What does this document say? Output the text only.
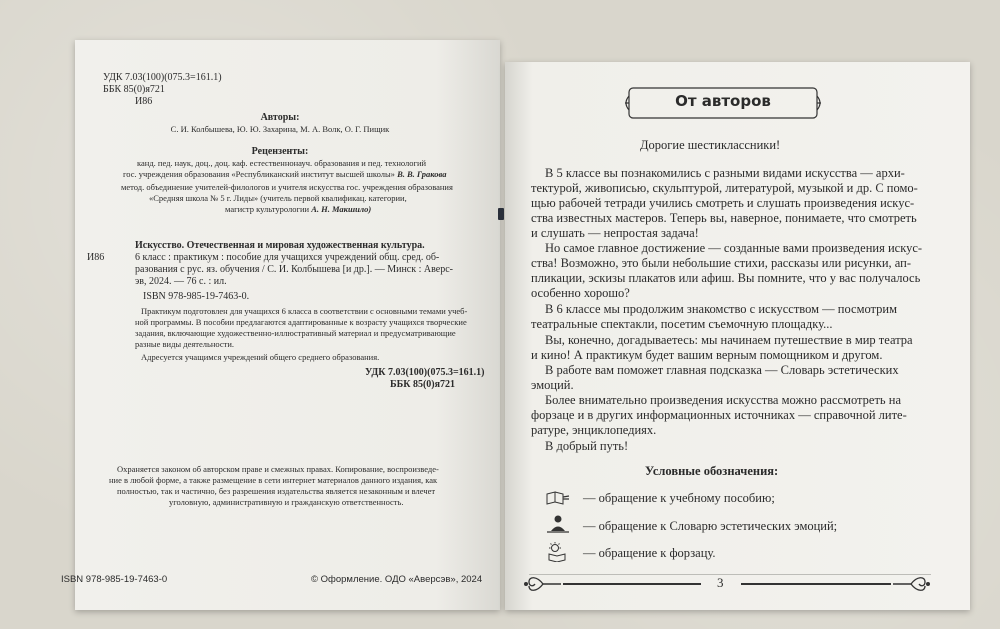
УДК 7.03(100)(075.3=161.1)
ББК 85(0)я721
И86
Авторы:
С. И. Колбышева, Ю. Ю. Захарина, М. А. Волк, О. Г. Пищик
Рецензенты:
канд. пед. наук, доц., доц. каф. естественнонауч. образования и пед. технологий
гос. учреждения образования «Республиканский институт высшей школы» В. В. Гракова
метод. объединение учителей-филологов и учителя искусства гос. учреждения образования
«Средняя школа № 5 г. Лиды» (учитель первой квалификац. категории,
магистр культурологии А. Н. Макшило)
И86
Искусство. Отечественная и мировая художественная культура.
6 класс : практикум : пособие для учащихся учреждений общ. сред. об-
разования с рус. яз. обучения / С. И. Колбышева [и др.]. — Минск : Аверс-
эв, 2024. — 76 с. : ил.
ISBN 978-985-19-7463-0.
Практикум подготовлен для учащихся 6 класса в соответствии с основными темами учеб-
ной программы. В пособии предлагаются адаптированные к возрасту учащихся творческие
задания, включающие художественно-иллюстративный материал и предусматривающие
разные виды деятельности.
Адресуется учащимся учреждений общего среднего образования.
УДК 7.03(100)(075.3=161.1)
ББК 85(0)я721
Охраняется законом об авторском праве и смежных правах. Копирование, воспроизведе-
ние в любой форме, а также размещение в сети интернет материалов данного издания, как
полностью, так и частично, без разрешения издательства является незаконным и влечет
уголовную, административную и гражданскую ответственность.
ISBN 978-985-19-7463-0	© Оформление. ОДО «Аверсэв», 2024
От авторов
Дорогие шестиклассники!
В 5 классе вы познакомились с разными видами искусства — архи-
тектурой, живописью, скульптурой, литературой, музыкой и др. С помо-
щью рабочей тетради учились смотреть и слушать произведения искус-
ства известных мастеров. Теперь вы, наверное, понимаете, что смотреть
и слушать — непростая задача!
Но самое главное достижение — созданные вами произведения искус-
ства! Возможно, это были небольшие стихи, рассказы или рисунки, ап-
пликации, эскизы плакатов или афиш. Вы помните, что у вас получалось
особенно хорошо?
В 6 классе мы продолжим знакомство с искусством — посмотрим
театральные спектакли, посетим съемочную площадку...
Вы, конечно, догадываетесь: мы начинаем путешествие в мир театра
и кино! А практикум будет вашим верным помощником и другом.
В работе вам поможет главная подсказка — Словарь эстетических
эмоций.
Более внимательно произведения искусства можно рассмотреть на
форзаце и в других информационных источниках — справочной лите-
ратуре, энциклопедиях.
В добрый путь!
Условные обозначения:
— обращение к учебному пособию;
— обращение к Словарю эстетических эмоций;
— обращение к форзацу.
3
